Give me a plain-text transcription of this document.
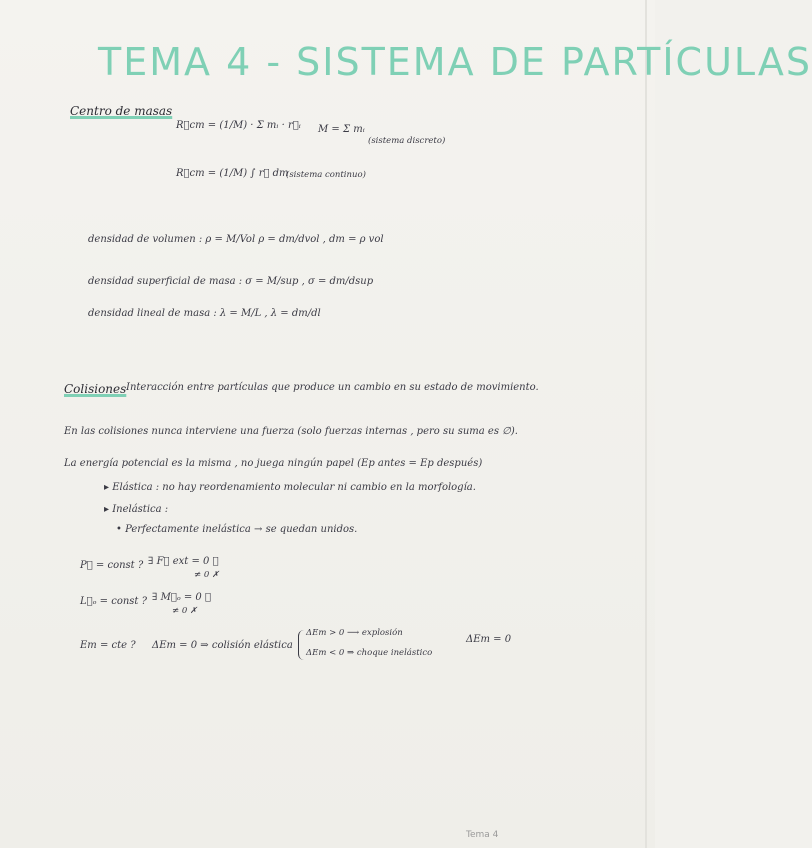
TEMA 4 - SISTEMA DE PARTÍCULAS
Centro de masas
R⃗cm = (1/M) · Σ mᵢ · r⃗ᵢ M = Σ mᵢ
(sistema discreto)
R⃗cm = (1/M) ∫ r⃗ dm
(sistema continuo)
densidad de volumen : ρ = M/Vol ρ = dm/dvol , dm = ρ vol
densidad superficial de masa : σ = M/sup , σ = dm/dsup
densidad lineal de masa : λ = M/L , λ = dm/dl
Colisiones Interacción entre partículas que produce un cambio en su estado de movimiento.
En las colisiones nunca interviene una fuerza (solo fuerzas internas , pero su suma es ∅).
La energía potencial es la misma , no juega ningún papel (Ep antes = Ep después)
▸ Elástica : no hay reordenamiento molecular ni cambio en la morfología.
▸ Inelástica :
• Perfectamente inelástica → se quedan unidos.
P⃗ = const ? ∃ F⃗ ext = 0 ✓
≠ 0 ✗
L⃗ₒ = const ? ∃ M⃗ₒ = 0 ✓
≠ 0 ✗
Em = cte ? ΔEm = 0 ⇒ colisión elástica
ΔEm > 0 ⟶ explosión
ΔEm < 0 ⇒ choque inelástico
ΔEm = 0
Tema 4
